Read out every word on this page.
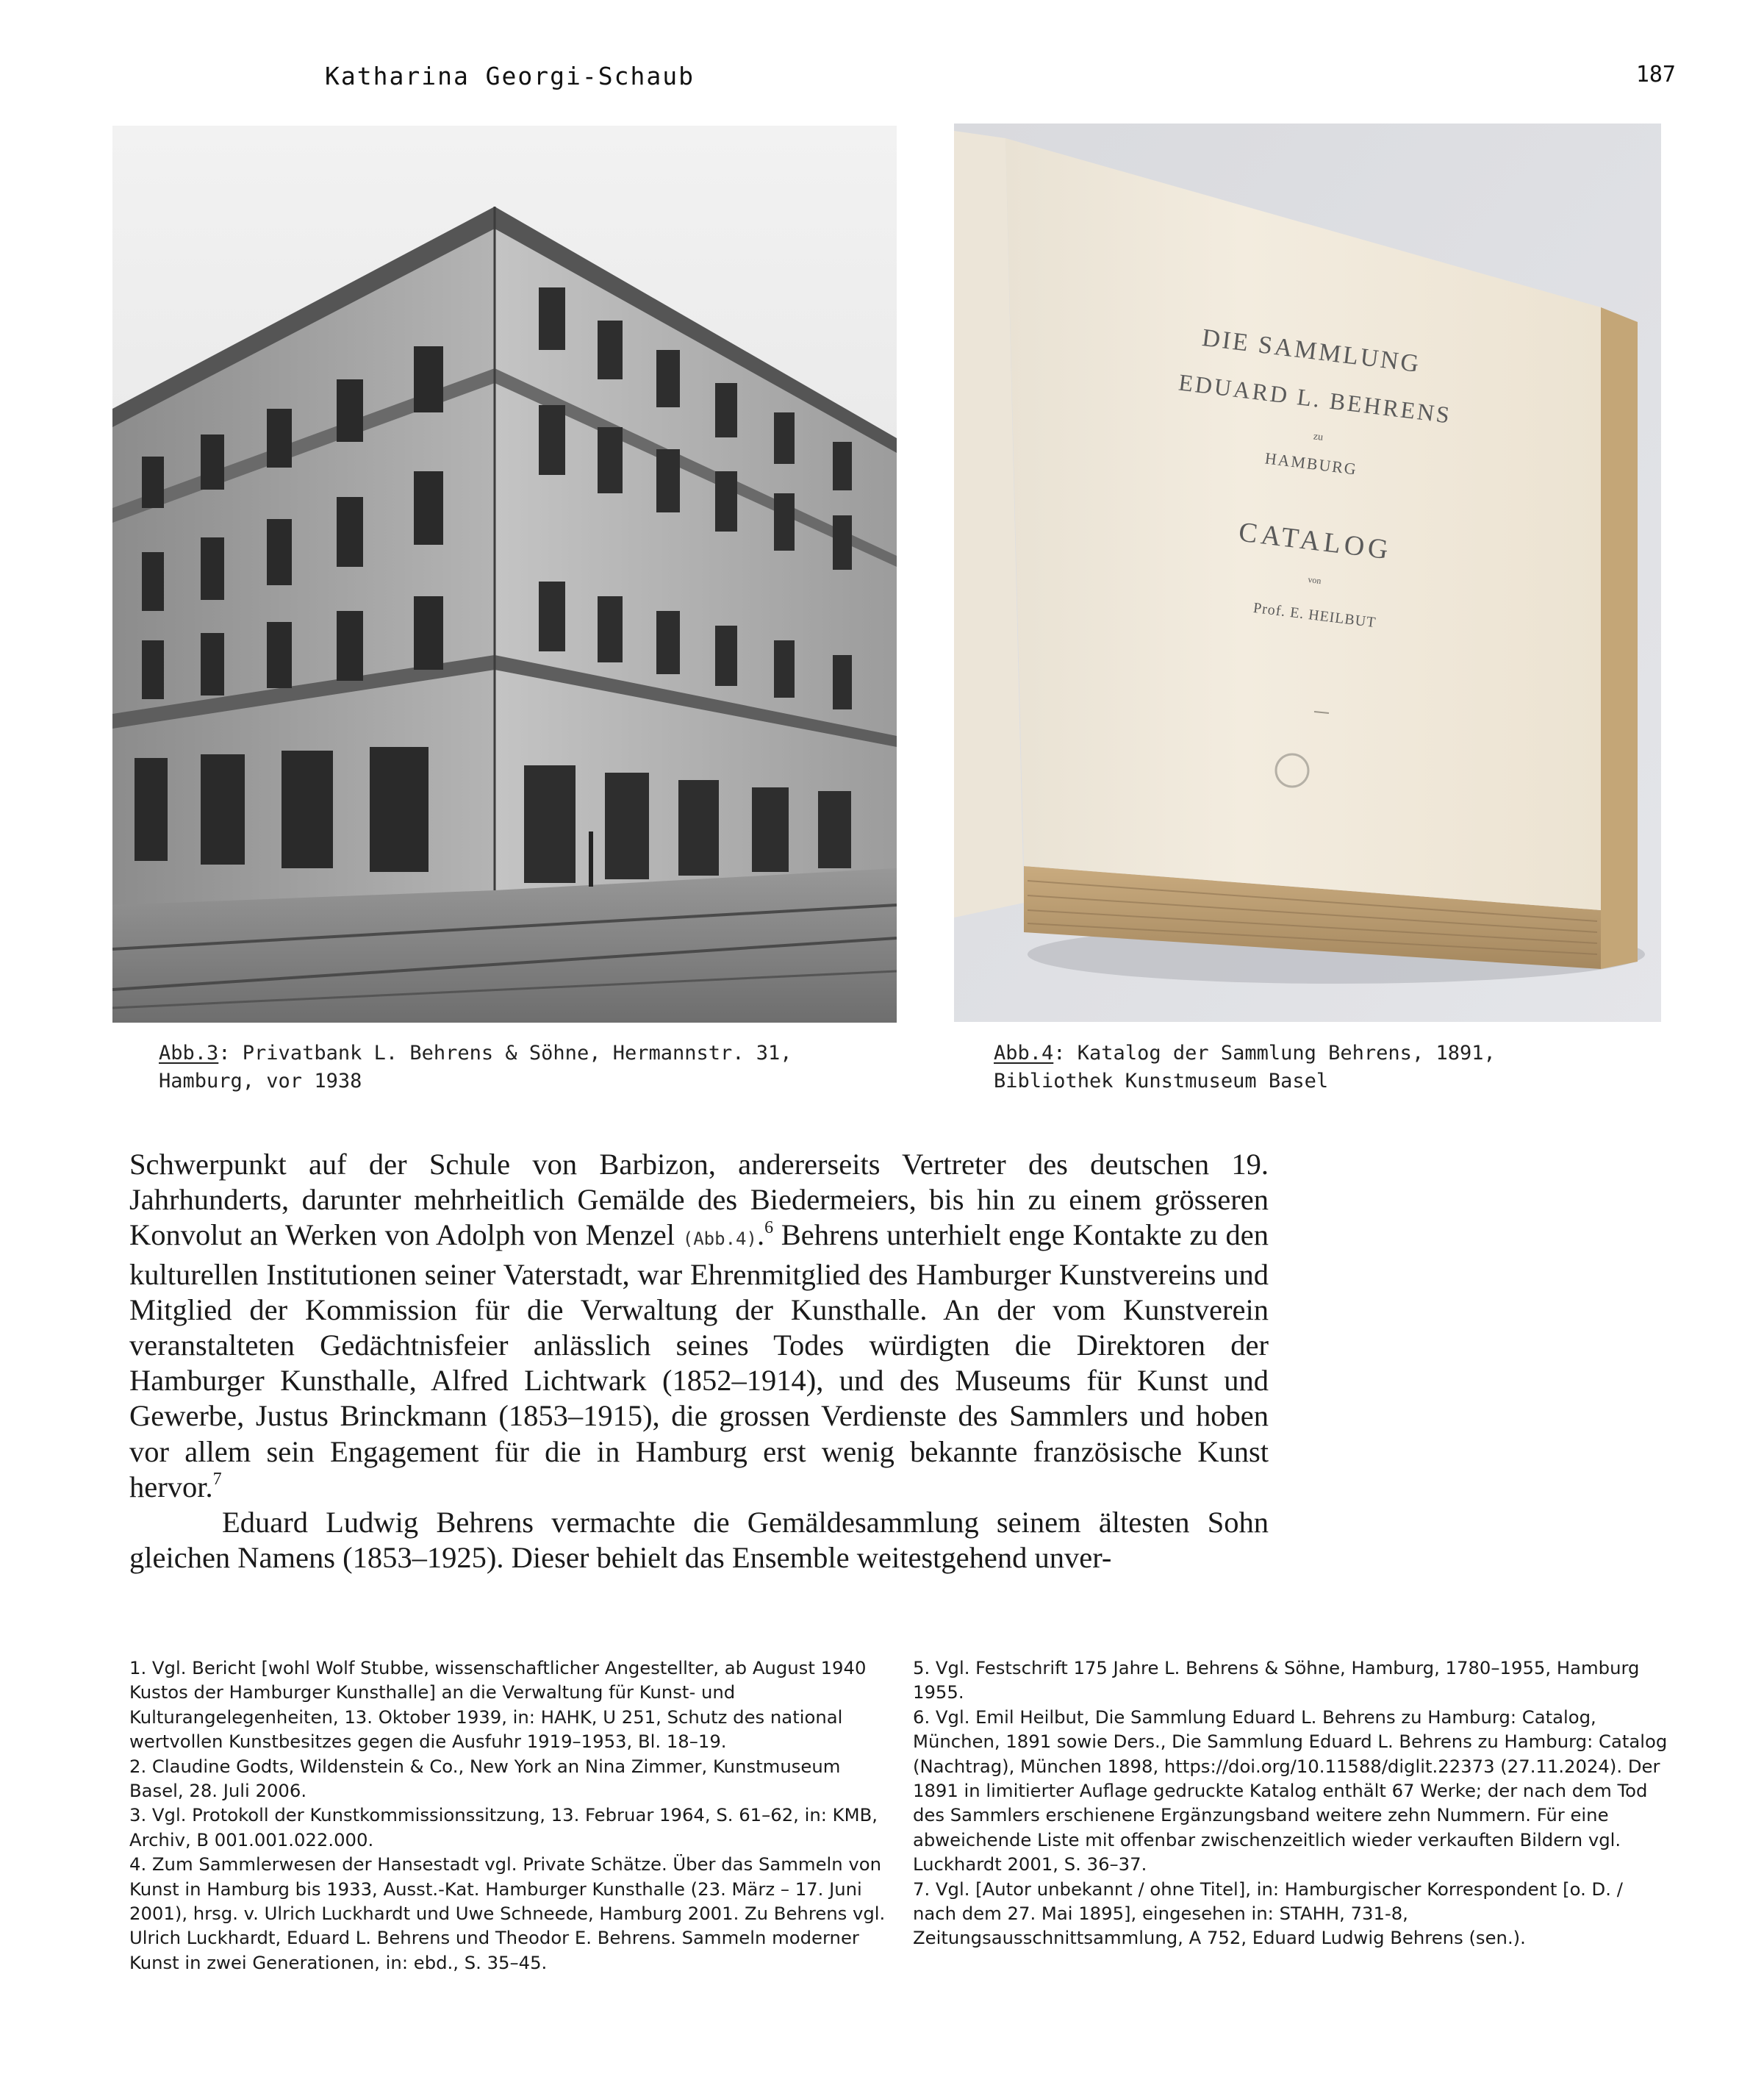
Katharina Georgi-Schaub	187
DIE SAMMLUNG
EDUARD L. BEHRENS
zu
HAMBURG
CATALOG
von
Prof. E. HEILBUT
Abb.3: Privatbank L. Behrens & Söhne, Hermannstr. 31,
Hamburg, vor 1938
Abb.4: Katalog der Sammlung Behrens, 1891,
Bibliothek Kunstmuseum Basel

Schwerpunkt auf der Schule von Barbizon, andererseits Vertreter des deutschen 19. Jahrhunderts, darunter mehrheitlich Gemälde des Biedermeiers, bis hin zu einem grösseren Konvolut an Werken von Adolph von Menzel (Abb.4).$^6$ Behrens unterhielt enge Kontakte zu den kulturellen Institutionen seiner Vaterstadt, war Ehrenmitglied des Hamburger Kunstvereins und Mitglied der Kommission für die Verwaltung der Kunsthalle. An der vom Kunstverein veranstalteten Gedächtnisfeier anlässlich seines Todes würdigten die Direktoren der Hamburger Kunsthalle, Alfred Lichtwark (1852–1914), und des Museums für Kunst und Gewerbe, Justus Brinckmann (1853–1915), die grossen Verdienste des Sammlers und hoben vor allem sein Engagement für die in Hamburg erst wenig bekannte französische Kunst hervor.$^7$

Eduard Ludwig Behrens vermachte die Gemäldesammlung seinem ältesten Sohn gleichen Namens (1853–1925). Dieser behielt das Ensemble weitestgehend unver-

1. Vgl. Bericht [wohl Wolf Stubbe, wissenschaftlicher Angestellter, ab August 1940 Kustos der Hamburger Kunsthalle] an die Verwaltung für Kunst- und Kulturangelegenheiten, 13. Oktober 1939, in: HAHK, U 251, Schutz des national wertvollen Kunstbesitzes gegen die Ausfuhr 1919–1953, Bl. 18–19.

2. Claudine Godts, Wildenstein & Co., New York an Nina Zimmer, Kunstmuseum Basel, 28. Juli 2006.

3. Vgl. Protokoll der Kunstkommissionssitzung, 13. Februar 1964, S. 61–62, in: KMB, Archiv, B 001.001.022.000.

4. Zum Sammlerwesen der Hansestadt vgl. Private Schätze. Über das Sammeln von Kunst in Hamburg bis 1933, Ausst.-Kat. Hamburger Kunsthalle (23. März – 17. Juni 2001), hrsg. v. Ulrich Luckhardt und Uwe Schneede, Hamburg 2001. Zu Behrens vgl. Ulrich Luckhardt, Eduard L. Behrens und Theodor E. Behrens. Sammeln moderner Kunst in zwei Generationen, in: ebd., S. 35–45.

5. Vgl. Festschrift 175 Jahre L. Behrens & Söhne, Hamburg, 1780–1955, Hamburg 1955.

6. Vgl. Emil Heilbut, Die Sammlung Eduard L. Behrens zu Hamburg: Catalog, München, 1891 sowie Ders., Die Sammlung Eduard L. Behrens zu Hamburg: Catalog (Nachtrag), München 1898, https://doi.org/10.11588/diglit.22373 (27.11.2024). Der 1891 in limitierter Auflage gedruckte Katalog enthält 67 Werke; der nach dem Tod des Sammlers erschienene Ergänzungsband weitere zehn Nummern. Für eine abweichende Liste mit offenbar zwischenzeitlich wieder verkauften Bildern vgl. Luckhardt 2001, S. 36–37.

7. Vgl. [Autor unbekannt / ohne Titel], in: Hamburgischer Korrespondent [o. D. / nach dem 27. Mai 1895], eingesehen in: STAHH, 731-8, Zeitungsausschnittsammlung, A 752, Eduard Ludwig Behrens (sen.).
